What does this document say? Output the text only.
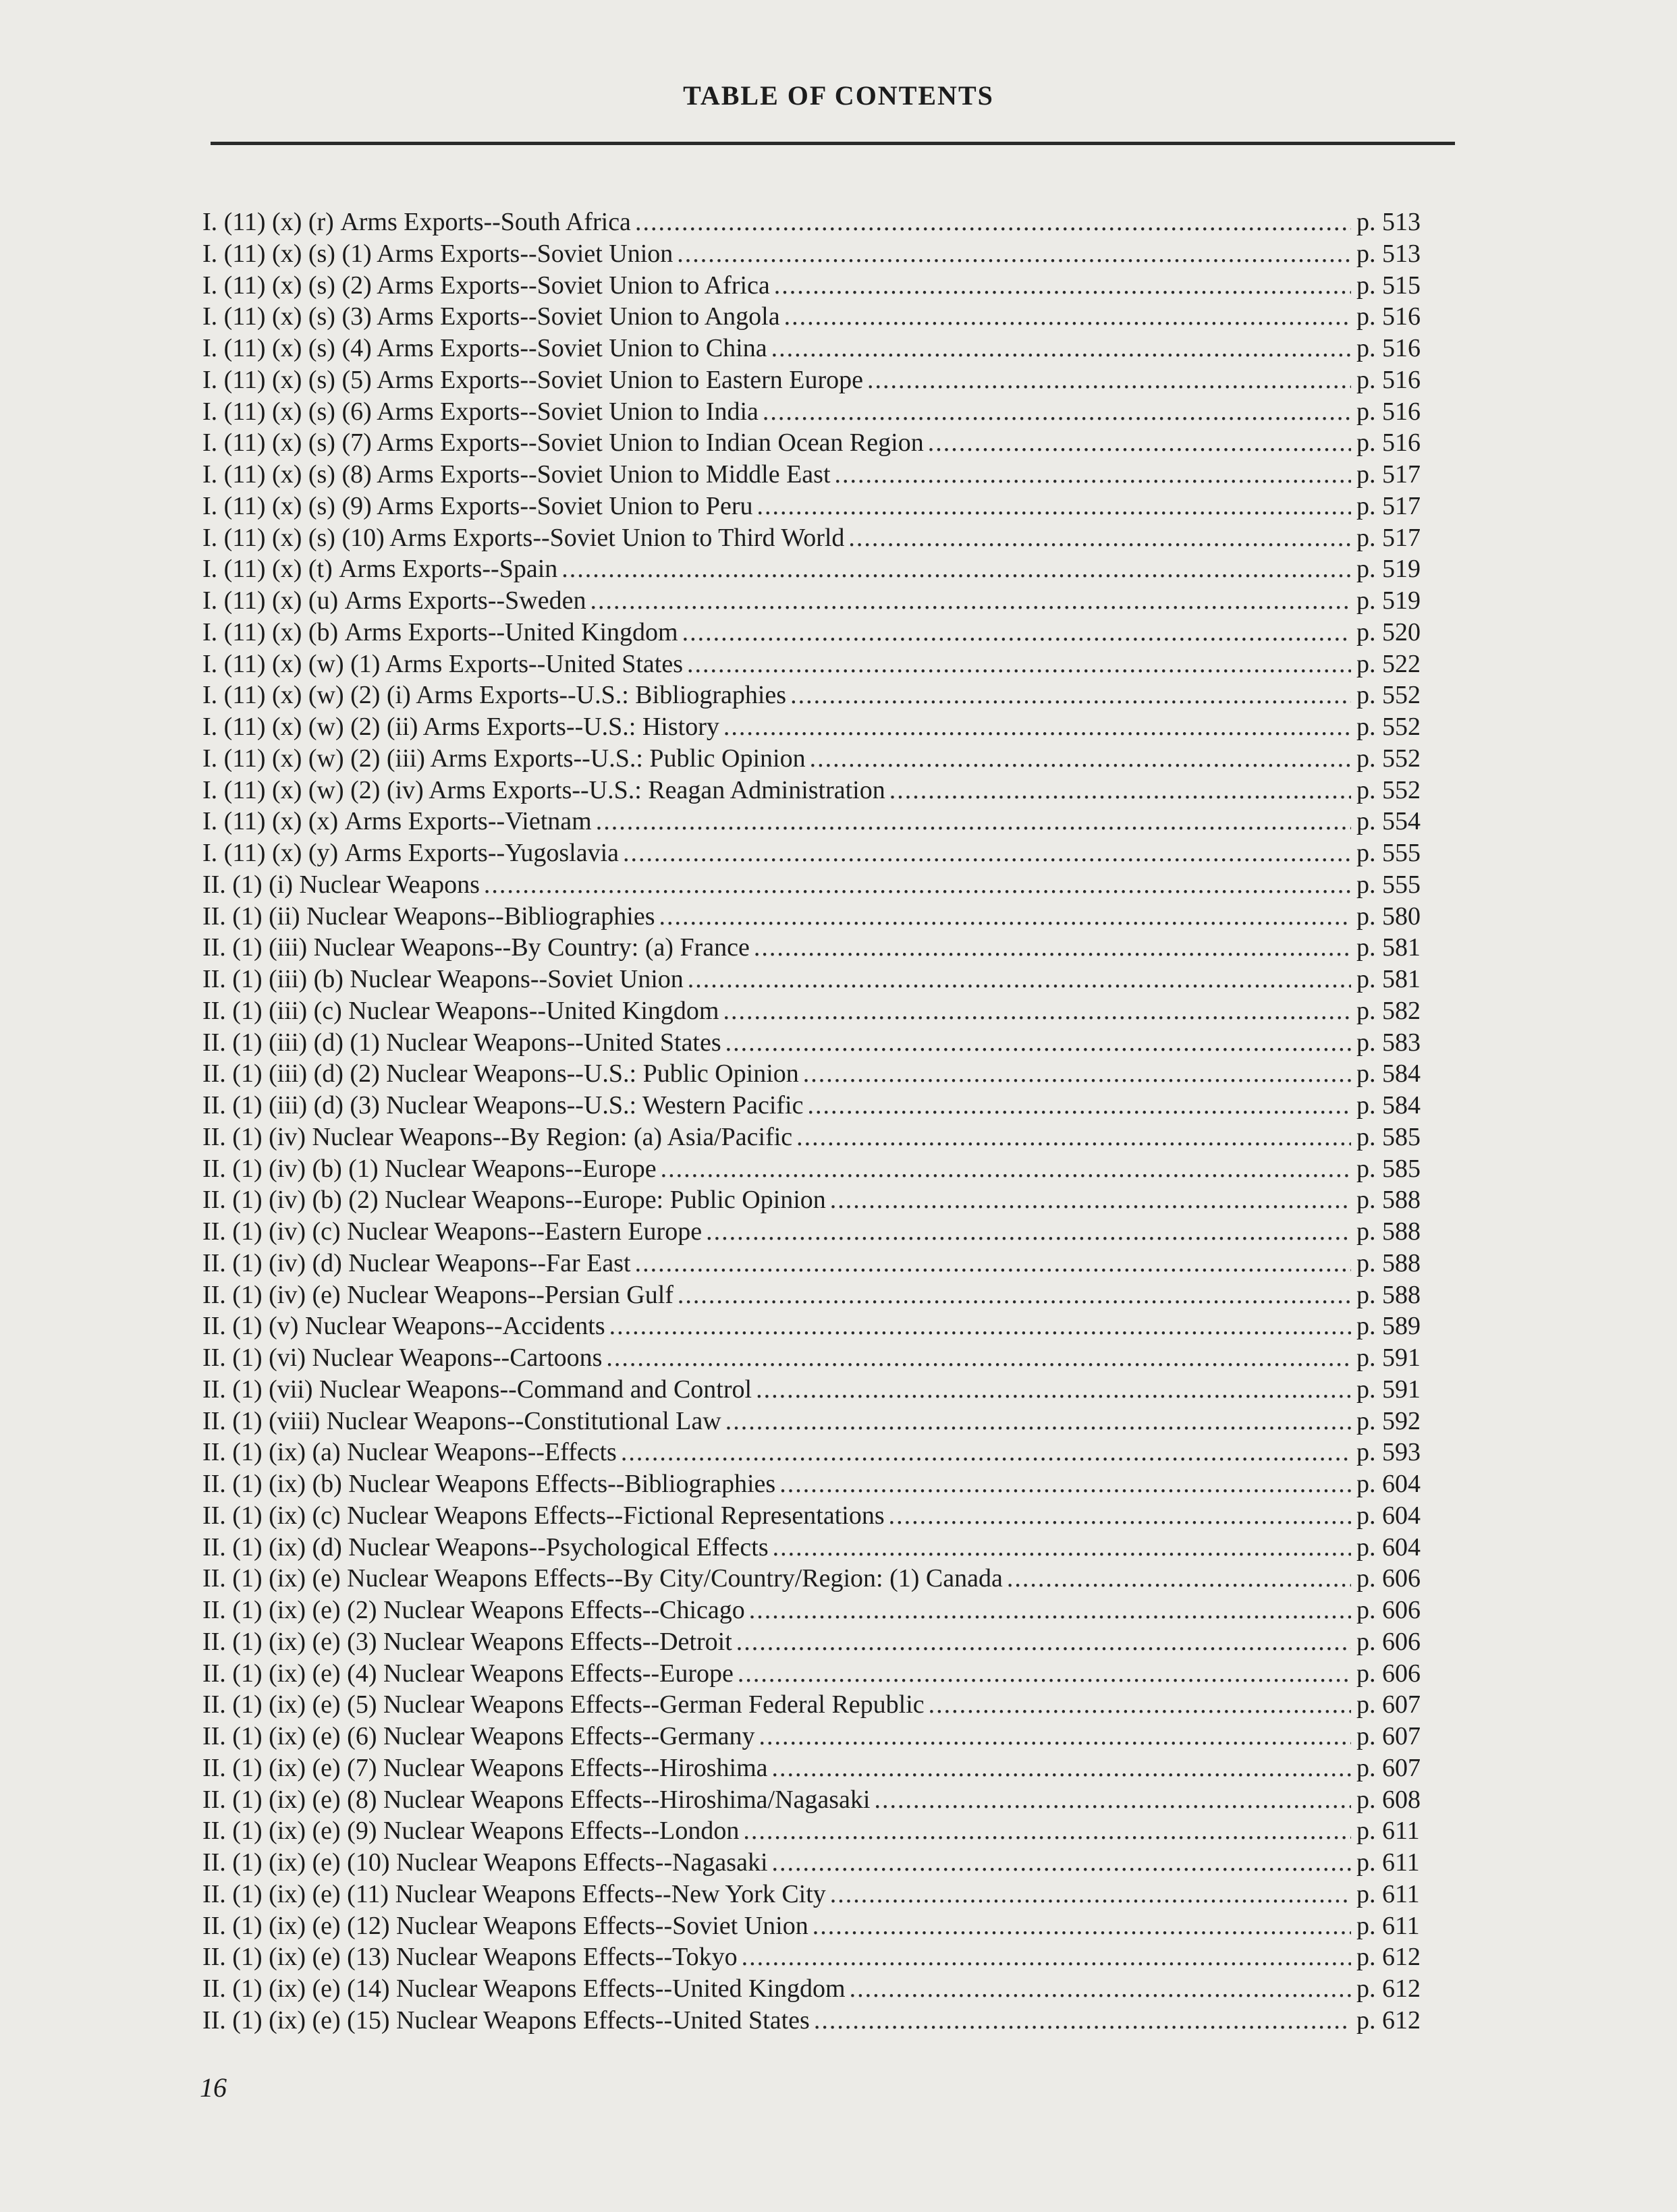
TABLE OF CONTENTS
I. (11) (x) (r) Arms Exports--South Africa .....	p. 513
I. (11) (x) (s) (1) Arms Exports--Soviet Union .....	p. 513
I. (11) (x) (s) (2) Arms Exports--Soviet Union to Africa .....	p. 515
I. (11) (x) (s) (3) Arms Exports--Soviet Union to Angola .....	p. 516
I. (11) (x) (s) (4) Arms Exports--Soviet Union to China .....	p. 516
I. (11) (x) (s) (5) Arms Exports--Soviet Union to Eastern Europe .....	p. 516
I. (11) (x) (s) (6) Arms Exports--Soviet Union to India .....	p. 516
I. (11) (x) (s) (7) Arms Exports--Soviet Union to Indian Ocean Region .....	p. 516
I. (11) (x) (s) (8) Arms Exports--Soviet Union to Middle East .....	p. 517
I. (11) (x) (s) (9) Arms Exports--Soviet Union to Peru .....	p. 517
I. (11) (x) (s) (10) Arms Exports--Soviet Union to Third World .....	p. 517
I. (11) (x) (t) Arms Exports--Spain .....	p. 519
I. (11) (x) (u) Arms Exports--Sweden .....	p. 519
I. (11) (x) (b) Arms Exports--United Kingdom .....	p. 520
I. (11) (x) (w) (1) Arms Exports--United States .....	p. 522
I. (11) (x) (w) (2) (i) Arms Exports--U.S.: Bibliographies .....	p. 552
I. (11) (x) (w) (2) (ii) Arms Exports--U.S.: History .....	p. 552
I. (11) (x) (w) (2) (iii) Arms Exports--U.S.: Public Opinion .....	p. 552
I. (11) (x) (w) (2) (iv) Arms Exports--U.S.: Reagan Administration .....	p. 552
I. (11) (x) (x) Arms Exports--Vietnam .....	p. 554
I. (11) (x) (y) Arms Exports--Yugoslavia .....	p. 555
II. (1) (i) Nuclear Weapons .....	p. 555
II. (1) (ii) Nuclear Weapons--Bibliographies .....	p. 580
II. (1) (iii) Nuclear Weapons--By Country: (a) France .....	p. 581
II. (1) (iii) (b) Nuclear Weapons--Soviet Union .....	p. 581
II. (1) (iii) (c) Nuclear Weapons--United Kingdom .....	p. 582
II. (1) (iii) (d) (1) Nuclear Weapons--United States .....	p. 583
II. (1) (iii) (d) (2) Nuclear Weapons--U.S.: Public Opinion .....	p. 584
II. (1) (iii) (d) (3) Nuclear Weapons--U.S.: Western Pacific .....	p. 584
II. (1) (iv) Nuclear Weapons--By Region: (a) Asia/Pacific .....	p. 585
II. (1) (iv) (b) (1) Nuclear Weapons--Europe .....	p. 585
II. (1) (iv) (b) (2) Nuclear Weapons--Europe: Public Opinion .....	p. 588
II. (1) (iv) (c) Nuclear Weapons--Eastern Europe .....	p. 588
II. (1) (iv) (d) Nuclear Weapons--Far East .....	p. 588
II. (1) (iv) (e) Nuclear Weapons--Persian Gulf .....	p. 588
II. (1) (v) Nuclear Weapons--Accidents .....	p. 589
II. (1) (vi) Nuclear Weapons--Cartoons .....	p. 591
II. (1) (vii) Nuclear Weapons--Command and Control .....	p. 591
II. (1) (viii) Nuclear Weapons--Constitutional Law .....	p. 592
II. (1) (ix) (a) Nuclear Weapons--Effects .....	p. 593
II. (1) (ix) (b) Nuclear Weapons Effects--Bibliographies .....	p. 604
II. (1) (ix) (c) Nuclear Weapons Effects--Fictional Representations .....	p. 604
II. (1) (ix) (d) Nuclear Weapons--Psychological Effects .....	p. 604
II. (1) (ix) (e) Nuclear Weapons Effects--By City/Country/Region: (1) Canada .....	p. 606
II. (1) (ix) (e) (2) Nuclear Weapons Effects--Chicago .....	p. 606
II. (1) (ix) (e) (3) Nuclear Weapons Effects--Detroit .....	p. 606
II. (1) (ix) (e) (4) Nuclear Weapons Effects--Europe .....	p. 606
II. (1) (ix) (e) (5) Nuclear Weapons Effects--German Federal Republic .....	p. 607
II. (1) (ix) (e) (6) Nuclear Weapons Effects--Germany .....	p. 607
II. (1) (ix) (e) (7) Nuclear Weapons Effects--Hiroshima .....	p. 607
II. (1) (ix) (e) (8) Nuclear Weapons Effects--Hiroshima/Nagasaki .....	p. 608
II. (1) (ix) (e) (9) Nuclear Weapons Effects--London .....	p. 611
II. (1) (ix) (e) (10) Nuclear Weapons Effects--Nagasaki .....	p. 611
II. (1) (ix) (e) (11) Nuclear Weapons Effects--New York City .....	p. 611
II. (1) (ix) (e) (12) Nuclear Weapons Effects--Soviet Union .....	p. 611
II. (1) (ix) (e) (13) Nuclear Weapons Effects--Tokyo .....	p. 612
II. (1) (ix) (e) (14) Nuclear Weapons Effects--United Kingdom .....	p. 612
II. (1) (ix) (e) (15) Nuclear Weapons Effects--United States .....	p. 612
16
